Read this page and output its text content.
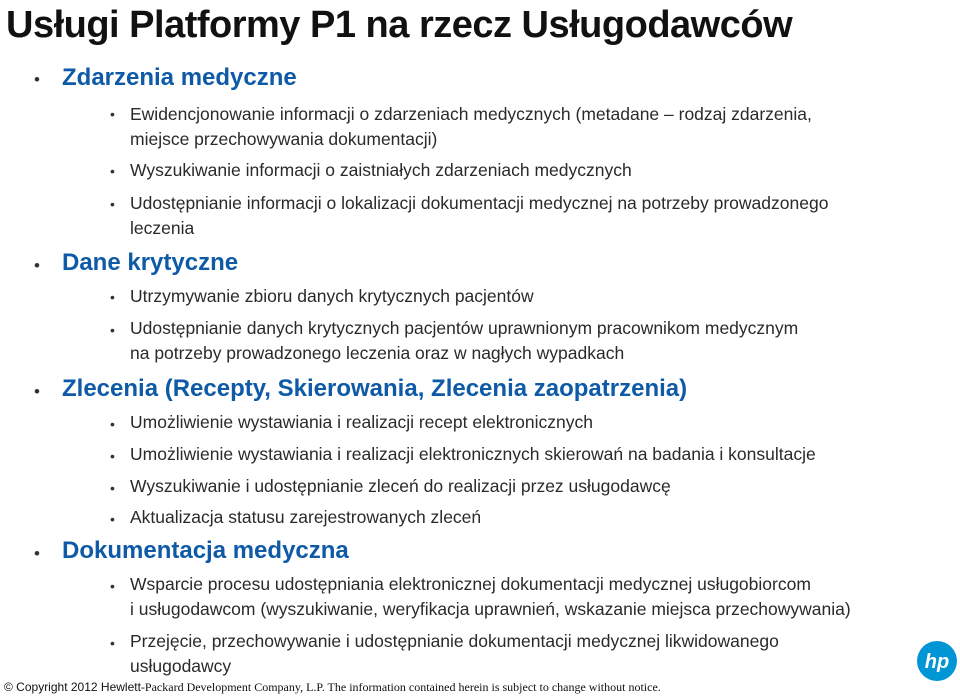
Usługi Platformy P1 na rzecz Usługodawców
• Zdarzenia medyczne
• Ewidencjonowanie informacji o zdarzeniach medycznych (metadane – rodzaj zdarzenia,
miejsce przechowywania dokumentacji)
• Wyszukiwanie informacji o zaistniałych zdarzeniach medycznych
• Udostępnianie informacji o lokalizacji dokumentacji medycznej na potrzeby prowadzonego
leczenia
• Dane krytyczne
• Utrzymywanie zbioru danych krytycznych pacjentów
• Udostępnianie danych krytycznych pacjentów uprawnionym pracownikom medycznym
na potrzeby prowadzonego leczenia oraz w nagłych wypadkach
• Zlecenia (Recepty, Skierowania, Zlecenia zaopatrzenia)
• Umożliwienie wystawiania i realizacji recept elektronicznych
• Umożliwienie wystawiania i realizacji elektronicznych skierowań na badania i konsultacje
• Wyszukiwanie i udostępnianie zleceń do realizacji przez usługodawcę
• Aktualizacja statusu zarejestrowanych zleceń
• Dokumentacja medyczna
• Wsparcie procesu udostępniania elektronicznej dokumentacji medycznej usługobiorcom
i usługodawcom (wyszukiwanie, weryfikacja uprawnień, wskazanie miejsca przechowywania)
• Przejęcie, przechowywanie i udostępnianie dokumentacji medycznej likwidowanego
usługodawcy
© Copyright 2012 Hewlett-Packard Development Company, L.P. The information contained herein is subject to change without notice.
hp
